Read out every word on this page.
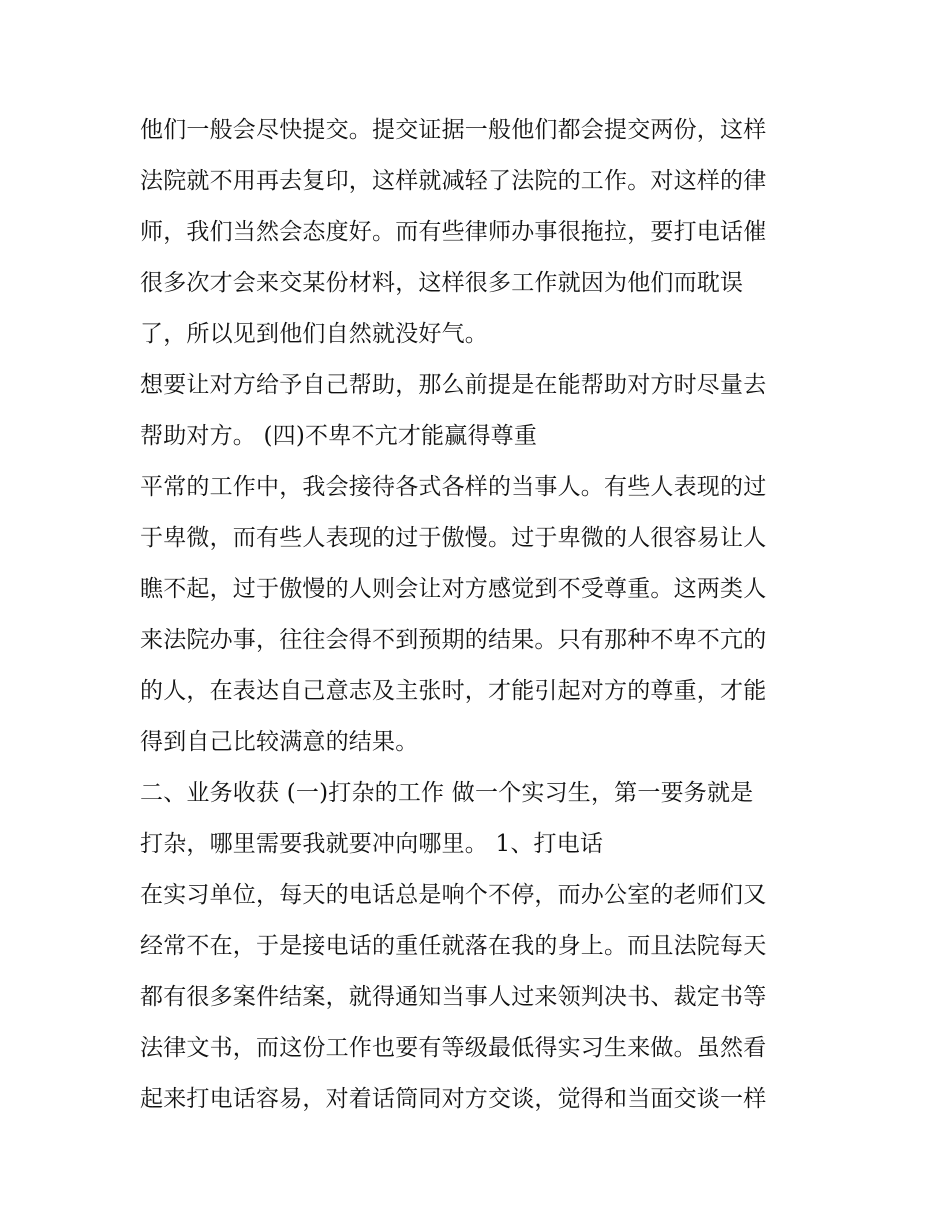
他们一般会尽快提交。提交证据一般他们都会提交两份，这样
法院就不用再去复印，这样就减轻了法院的工作。对这样的律
师，我们当然会态度好。而有些律师办事很拖拉，要打电话催
很多次才会来交某份材料，这样很多工作就因为他们而耽误
了，所以见到他们自然就没好气。
想要让对方给予自己帮助，那么前提是在能帮助对方时尽量去
帮助对方。 (四)不卑不亢才能赢得尊重
平常的工作中，我会接待各式各样的当事人。有些人表现的过
于卑微，而有些人表现的过于傲慢。过于卑微的人很容易让人
瞧不起，过于傲慢的人则会让对方感觉到不受尊重。这两类人
来法院办事，往往会得不到预期的结果。只有那种不卑不亢的
的人，在表达自己意志及主张时，才能引起对方的尊重，才能
得到自己比较满意的结果。
二、业务收获 (一)打杂的工作 做一个实习生，第一要务就是
打杂，哪里需要我就要冲向哪里。 1、打电话
在实习单位，每天的电话总是响个不停，而办公室的老师们又
经常不在，于是接电话的重任就落在我的身上。而且法院每天
都有很多案件结案，就得通知当事人过来领判决书、裁定书等
法律文书，而这份工作也要有等级最低得实习生来做。虽然看
起来打电话容易，对着话筒同对方交谈，觉得和当面交谈一样
